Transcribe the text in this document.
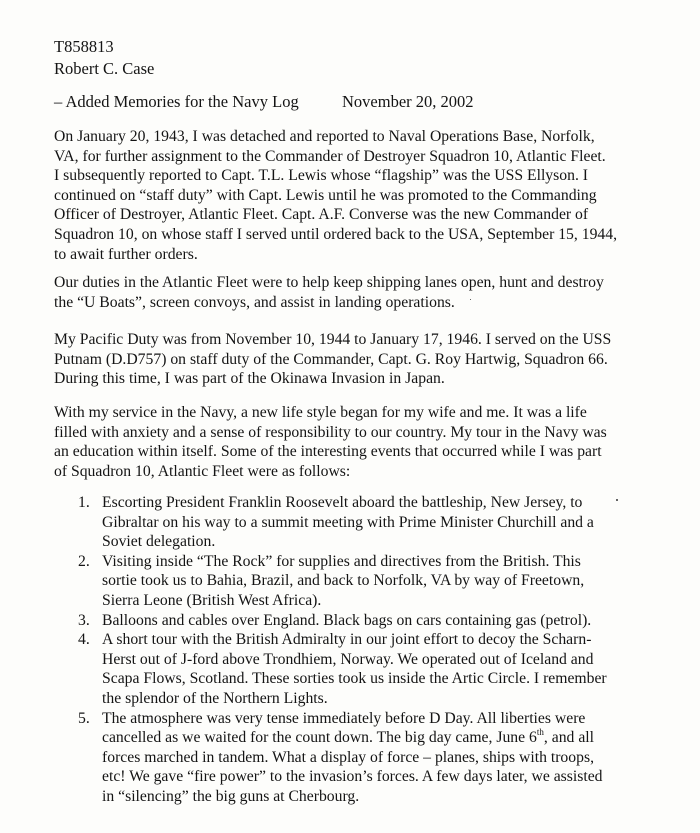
T858813
Robert C. Case
– Added Memories for the Navy Log	November 20, 2002

On January 20, 1943, I was detached and reported to Naval Operations Base, Norfolk,
VA, for further assignment to the Commander of Destroyer Squadron 10, Atlantic Fleet.
I subsequently reported to Capt. T.L. Lewis whose “flagship” was the USS Ellyson. I
continued on “staff duty” with Capt. Lewis until he was promoted to the Commanding
Officer of Destroyer, Atlantic Fleet. Capt. A.F. Converse was the new Commander of
Squadron 10, on whose staff I served until ordered back to the USA, September 15, 1944,
to await further orders.

Our duties in the Atlantic Fleet were to help keep shipping lanes open, hunt and destroy
the “U Boats”, screen convoys, and assist in landing operations.

My Pacific Duty was from November 10, 1944 to January 17, 1946. I served on the USS
Putnam (D.D757) on staff duty of the Commander, Capt. G. Roy Hartwig, Squadron 66.
During this time, I was part of the Okinawa Invasion in Japan.

With my service in the Navy, a new life style began for my wife and me. It was a life
filled with anxiety and a sense of responsibility to our country. My tour in the Navy was
an education within itself. Some of the interesting events that occurred while I was part
of Squadron 10, Atlantic Fleet were as follows:

1. Escorting President Franklin Roosevelt aboard the battleship, New Jersey, to
Gibraltar on his way to a summit meeting with Prime Minister Churchill and a
Soviet delegation.
2. Visiting inside “The Rock” for supplies and directives from the British. This
sortie took us to Bahia, Brazil, and back to Norfolk, VA by way of Freetown,
Sierra Leone (British West Africa).
3. Balloons and cables over England. Black bags on cars containing gas (petrol).
4. A short tour with the British Admiralty in our joint effort to decoy the Scharn-
Herst out of J-ford above Trondhiem, Norway. We operated out of Iceland and
Scapa Flows, Scotland. These sorties took us inside the Artic Circle. I remember
the splendor of the Northern Lights.
5. The atmosphere was very tense immediately before D Day. All liberties were
cancelled as we waited for the count down. The big day came, June 6th, and all
forces marched in tandem. What a display of force – planes, ships with troops,
etc! We gave “fire power” to the invasion’s forces. A few days later, we assisted
in “silencing” the big guns at Cherbourg.
